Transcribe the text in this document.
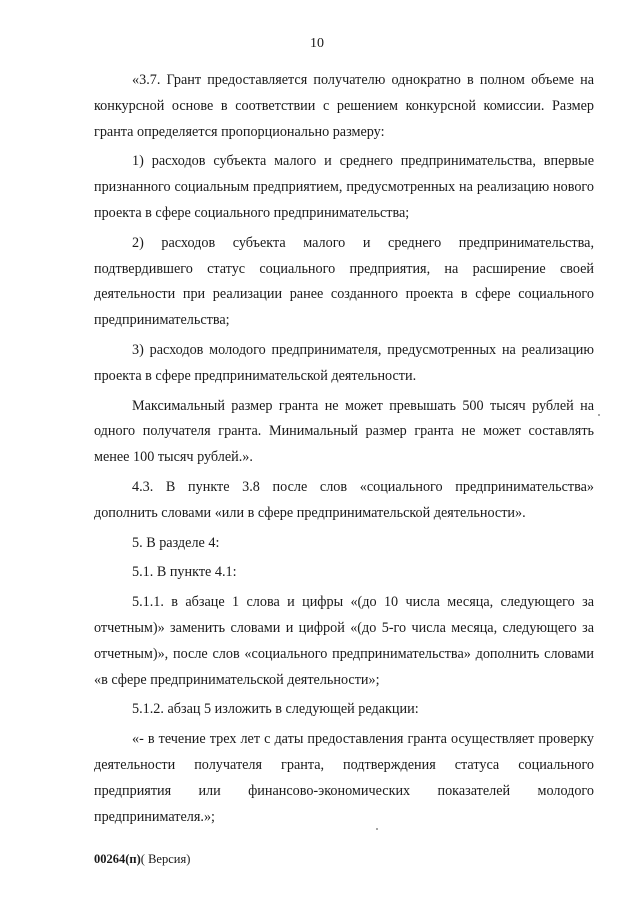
10

«3.7. Грант предоставляется получателю однократно в полном объеме на конкурсной основе в соответствии с решением конкурсной комиссии. Размер гранта определяется пропорционально размеру:

1) расходов субъекта малого и среднего предпринимательства, впервые признанного социальным предприятием, предусмотренных на реализацию нового проекта в сфере социального предпринимательства;

2) расходов субъекта малого и среднего предпринимательства, подтвердившего статус социального предприятия, на расширение своей деятельности при реализации ранее созданного проекта в сфере социального предпринимательства;

3) расходов молодого предпринимателя, предусмотренных на реализацию проекта в сфере предпринимательской деятельности.

Максимальный размер гранта не может превышать 500 тысяч рублей на одного получателя гранта. Минимальный размер гранта не может составлять менее 100 тысяч рублей.».

4.3. В пункте 3.8 после слов «социального предпринимательства» дополнить словами «или в сфере предпринимательской деятельности».

5. В разделе 4:

5.1. В пункте 4.1:

5.1.1. в абзаце 1 слова и цифры «(до 10 числа месяца, следующего за отчетным)» заменить словами и цифрой «(до 5-го числа месяца, следующего за отчетным)», после слов «социального предпринимательства» дополнить словами «в сфере предпринимательской деятельности»;

5.1.2. абзац 5 изложить в следующей редакции:

«- в течение трех лет с даты предоставления гранта осуществляет проверку деятельности получателя гранта, подтверждения статуса социального предприятия или финансово-экономических показателей молодого предпринимателя.»;

00264(п)( Версия)
